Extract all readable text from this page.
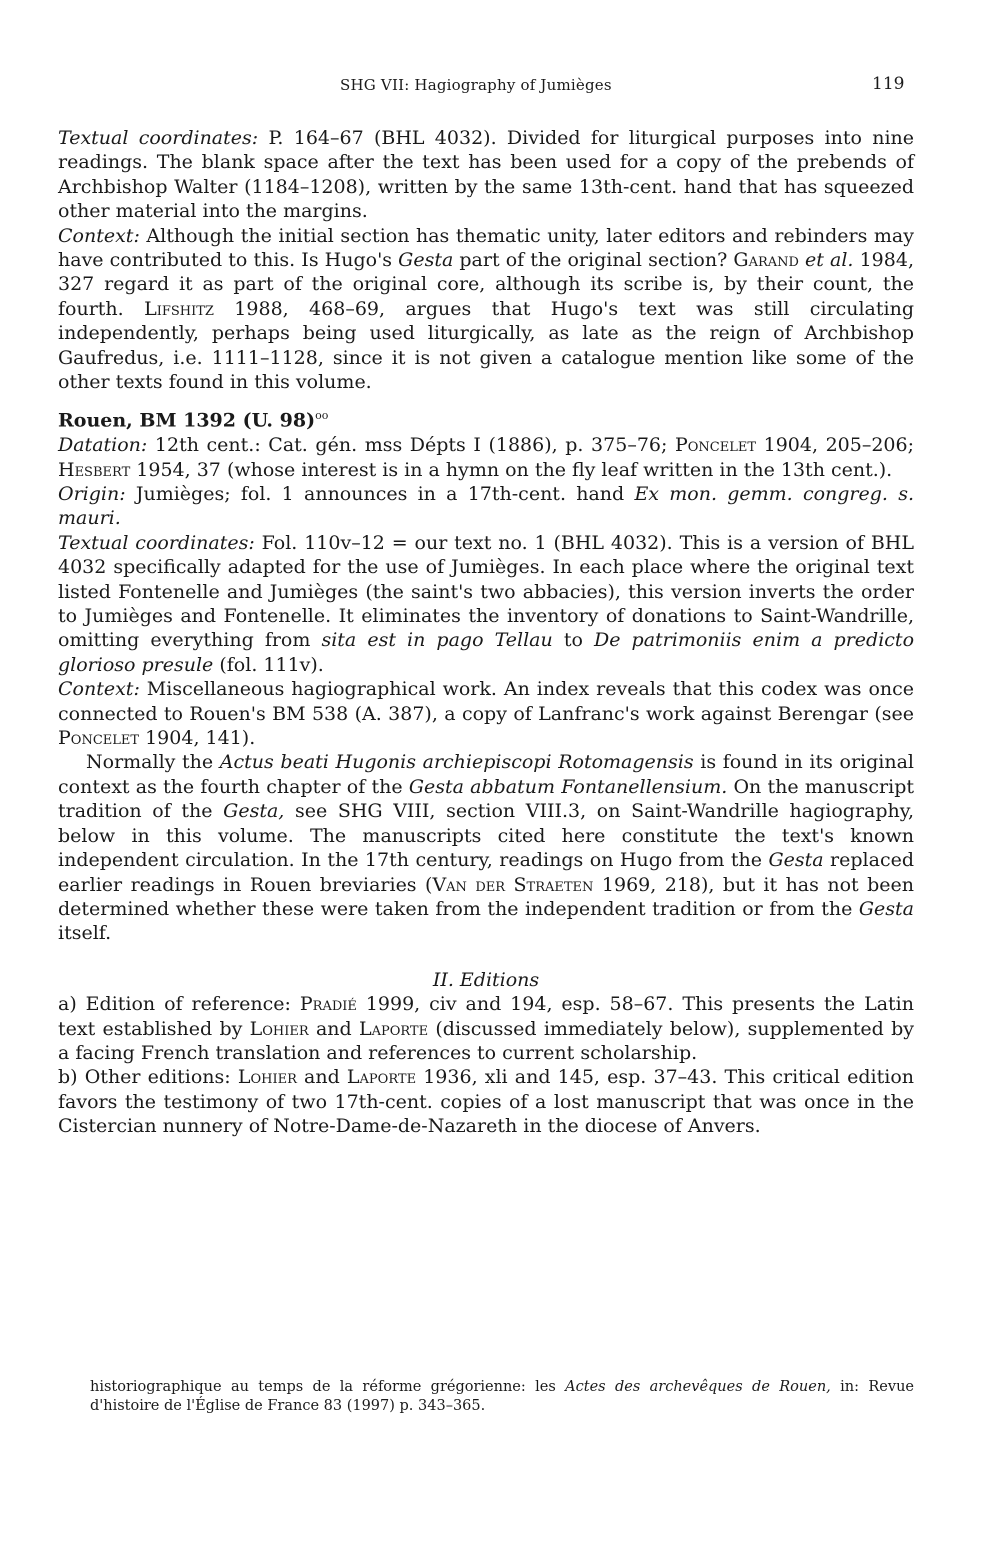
SHG VII: Hagiography of Jumièges	119

Textual coordinates: P. 164–67 (BHL 4032). Divided for liturgical purposes into nine readings. The blank space after the text has been used for a copy of the prebends of Archbishop Walter (1184–1208), written by the same 13th-cent. hand that has squeezed other material into the margins.

Context: Although the initial section has thematic unity, later editors and rebinders may have contributed to this. Is Hugo's Gesta part of the original section? Garand et al. 1984, 327 regard it as part of the original core, although its scribe is, by their count, the fourth. Lifshitz 1988, 468–69, argues that Hugo's text was still circulating independently, perhaps being used liturgically, as late as the reign of Archbishop Gaufredus, i.e. 1111–1128, since it is not given a catalogue mention like some of the other texts found in this volume.

Rouen, BM 1392 (U. 98)$^{oo}$

Datation: 12th cent.: Cat. gén. mss Dépts I (1886), p. 375–76; Poncelet 1904, 205–206; Hesbert 1954, 37 (whose interest is in a hymn on the fly leaf written in the 13th cent.).

Origin: Jumièges; fol. 1 announces in a 17th-cent. hand Ex mon. gemm. congreg. s. mauri.

Textual coordinates: Fol. 110v–12 = our text no. 1 (BHL 4032). This is a version of BHL 4032 specifically adapted for the use of Jumièges. In each place where the original text listed Fontenelle and Jumièges (the saint's two abbacies), this version inverts the order to Jumièges and Fontenelle. It eliminates the inventory of donations to Saint-Wandrille, omitting everything from sita est in pago Tellau to De patrimoniis enim a predicto glorioso presule (fol. 111v).

Context: Miscellaneous hagiographical work. An index reveals that this codex was once connected to Rouen's BM 538 (A. 387), a copy of Lanfranc's work against Berengar (see Poncelet 1904, 141).

Normally the Actus beati Hugonis archiepiscopi Rotomagensis is found in its original context as the fourth chapter of the Gesta abbatum Fontanellensium. On the manuscript tradition of the Gesta, see SHG VIII, section VIII.3, on Saint-Wandrille hagiography, below in this volume. The manuscripts cited here constitute the text's known independent circulation. In the 17th century, readings on Hugo from the Gesta replaced earlier readings in Rouen breviaries (Van der Straeten 1969, 218), but it has not been determined whether these were taken from the independent tradition or from the Gesta itself.

II. Editions

a) Edition of reference: Pradié 1999, civ and 194, esp. 58–67. This presents the Latin text established by Lohier and Laporte (discussed immediately below), supplemented by a facing French translation and references to current scholarship.

b) Other editions: Lohier and Laporte 1936, xli and 145, esp. 37–43. This critical edition favors the testimony of two 17th-cent. copies of a lost manuscript that was once in the Cistercian nunnery of Notre-Dame-de-Nazareth in the diocese of Anvers.

historiographique au temps de la réforme grégorienne: les Actes des archevêques de Rouen, in: Revue d'histoire de l'Église de France 83 (1997) p. 343–365.
